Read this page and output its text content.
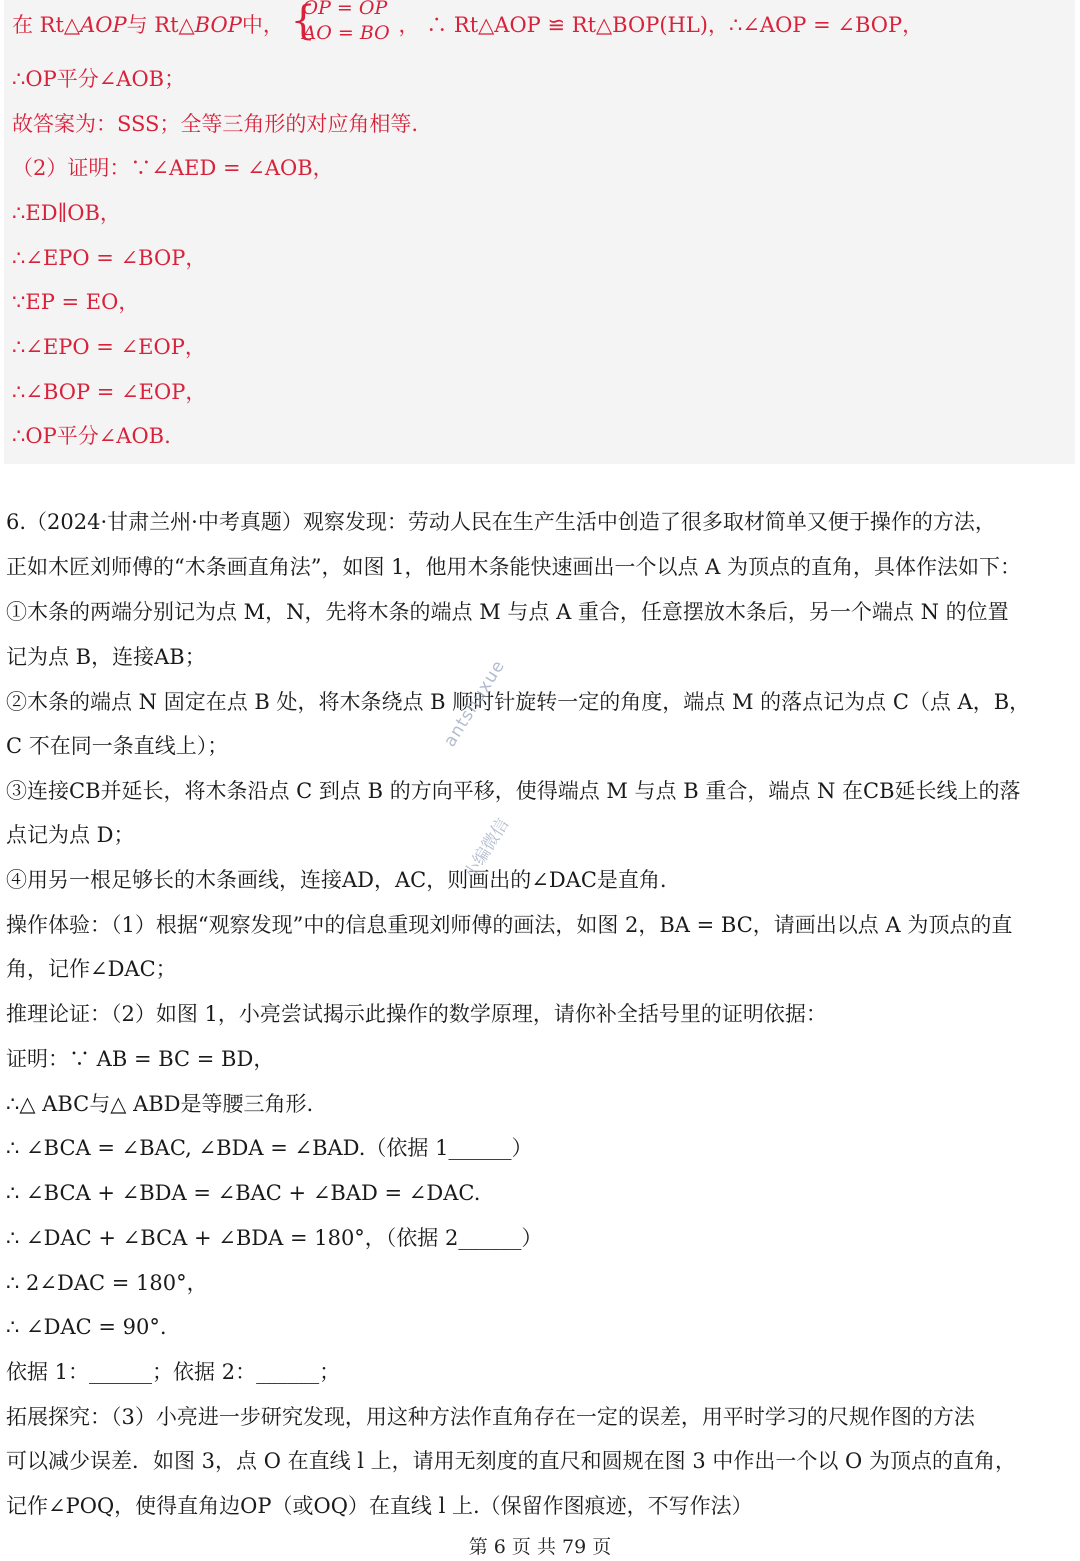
在 Rt△AOP与 Rt△BOP中， {
OP = OP
AO = BO ， ∴ Rt△AOP ≌ Rt△BOP(HL)，∴∠AOP = ∠BOP，
∴OP平分∠AOB；
故答案为：SSS；全等三角形的对应角相等.
（2）证明：∵∠AED = ∠AOB，
∴ED∥OB，
∴∠EPO = ∠BOP，
∵EP = EO，
∴∠EPO = ∠EOP，
∴∠BOP = ∠EOP，
∴OP平分∠AOB.
6.（2024·甘肃兰州·中考真题）观察发现：劳动人民在生产生活中创造了很多取材简单又便于操作的方法，
正如木匠刘师傅的“木条画直角法”，如图 1，他用木条能快速画出一个以点 A 为顶点的直角，具体作法如下：
①木条的两端分别记为点 M，N，先将木条的端点 M 与点 A 重合，任意摆放木条后，另一个端点 N 的位置
记为点 B，连接AB；
②木条的端点 N 固定在点 B 处，将木条绕点 B 顺时针旋转一定的角度，端点 M 的落点记为点 C（点 A，B，
C 不在同一条直线上）；
③连接CB并延长，将木条沿点 C 到点 B 的方向平移，使得端点 M 与点 B 重合，端点 N 在CB延长线上的落
点记为点 D；
④用另一根足够长的木条画线，连接AD，AC，则画出的∠DAC是直角.
操作体验：（1）根据“观察发现”中的信息重现刘师傅的画法，如图 2，BA = BC，请画出以点 A 为顶点的直
角，记作∠DAC；
推理论证：（2）如图 1，小亮尝试揭示此操作的数学原理，请你补全括号里的证明依据：
证明：∵ AB = BC = BD，
∴△ ABC与△ ABD是等腰三角形.
∴ ∠BCA = ∠BAC, ∠BDA = ∠BAD.（依据 1______）
∴ ∠BCA + ∠BDA = ∠BAC + ∠BAD = ∠DAC.
∴ ∠DAC + ∠BCA + ∠BDA = 180°，（依据 2______）
∴ 2∠DAC = 180°，
∴ ∠DAC = 90°.
依据 1：______；依据 2：______；
拓展探究：（3）小亮进一步研究发现，用这种方法作直角存在一定的误差，用平时学习的尺规作图的方法
可以减少误差．如图 3，点 O 在直线 l 上，请用无刻度的直尺和圆规在图 3 中作出一个以 O 为顶点的直角，
记作∠POQ，使得直角边OP（或OQ）在直线 l 上.（保留作图痕迹，不写作法）
antshuxue
小编微信
第 6 页 共 79 页
